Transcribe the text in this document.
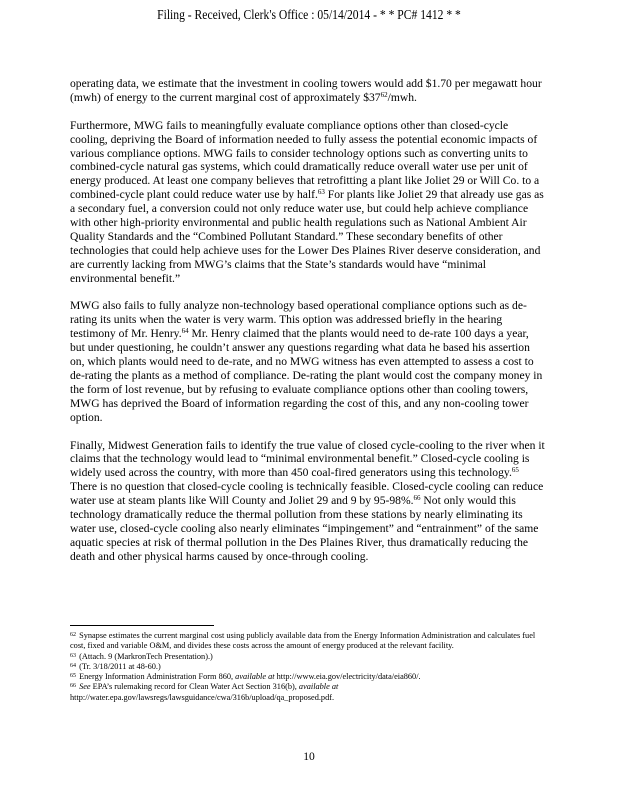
Filing - Received, Clerk's Office : 05/14/2014 - * * PC# 1412 * *

operating data, we estimate that the investment in cooling towers would add $1.70 per megawatt hour (mwh) of energy to the current marginal cost of approximately $\$37^{62}$/mwh.

Furthermore, MWG fails to meaningfully evaluate compliance options other than closed-cycle cooling, depriving the Board of information needed to fully assess the potential economic impacts of various compliance options. MWG fails to consider technology options such as converting units to combined-cycle natural gas systems, which could dramatically reduce overall water use per unit of energy produced. At least one company believes that retrofitting a plant like Joliet 29 or Will Co. to a combined-cycle plant could reduce water use by half.$^{63}$ For plants like Joliet 29 that already use gas as a secondary fuel, a conversion could not only reduce water use, but could help achieve compliance with other high-priority environmental and public health regulations such as National Ambient Air Quality Standards and the “Combined Pollutant Standard.” These secondary benefits of other technologies that could help achieve uses for the Lower Des Plaines River deserve consideration, and are currently lacking from MWG’s claims that the State’s standards would have “minimal environmental benefit.”

MWG also fails to fully analyze non-technology based operational compliance options such as de-rating its units when the water is very warm. This option was addressed briefly in the hearing testimony of Mr. Henry.$^{64}$ Mr. Henry claimed that the plants would need to de-rate 100 days a year, but under questioning, he couldn’t answer any questions regarding what data he based his assertion on, which plants would need to de-rate, and no MWG witness has even attempted to assess a cost to de-rating the plants as a method of compliance. De-rating the plant would cost the company money in the form of lost revenue, but by refusing to evaluate compliance options other than cooling towers, MWG has deprived the Board of information regarding the cost of this, and any non-cooling tower option.

Finally, Midwest Generation fails to identify the true value of closed cycle-cooling to the river when it claims that the technology would lead to “minimal environmental benefit.” Closed-cycle cooling is widely used across the country, with more than 450 coal-fired generators using this technology.$^{65}$ There is no question that closed-cycle cooling is technically feasible. Closed-cycle cooling can reduce water use at steam plants like Will County and Joliet 29 and 9 by 95-98%.$^{66}$ Not only would this technology dramatically reduce the thermal pollution from these stations by nearly eliminating its water use, closed-cycle cooling also nearly eliminates “impingement” and “entrainment” of the same aquatic species at risk of thermal pollution in the Des Plaines River, thus dramatically reducing the death and other physical harms caused by once-through cooling.

$^{62}$ Synapse estimates the current marginal cost using publicly available data from the Energy Information Administration and calculates fuel cost, fixed and variable O&M, and divides these costs across the amount of energy produced at the relevant facility.

$^{63}$ (Attach. 9 (MarkronTech Presentation).)

$^{64}$ (Tr. 3/18/2011 at 48-60.)

$^{65}$ Energy Information Administration Form 860, available at http://www.eia.gov/electricity/data/eia860/.

$^{66}$ See EPA’s rulemaking record for Clean Water Act Section 316(b), available at http://water.epa.gov/lawsregs/lawsguidance/cwa/316b/upload/qa_proposed.pdf.

10
